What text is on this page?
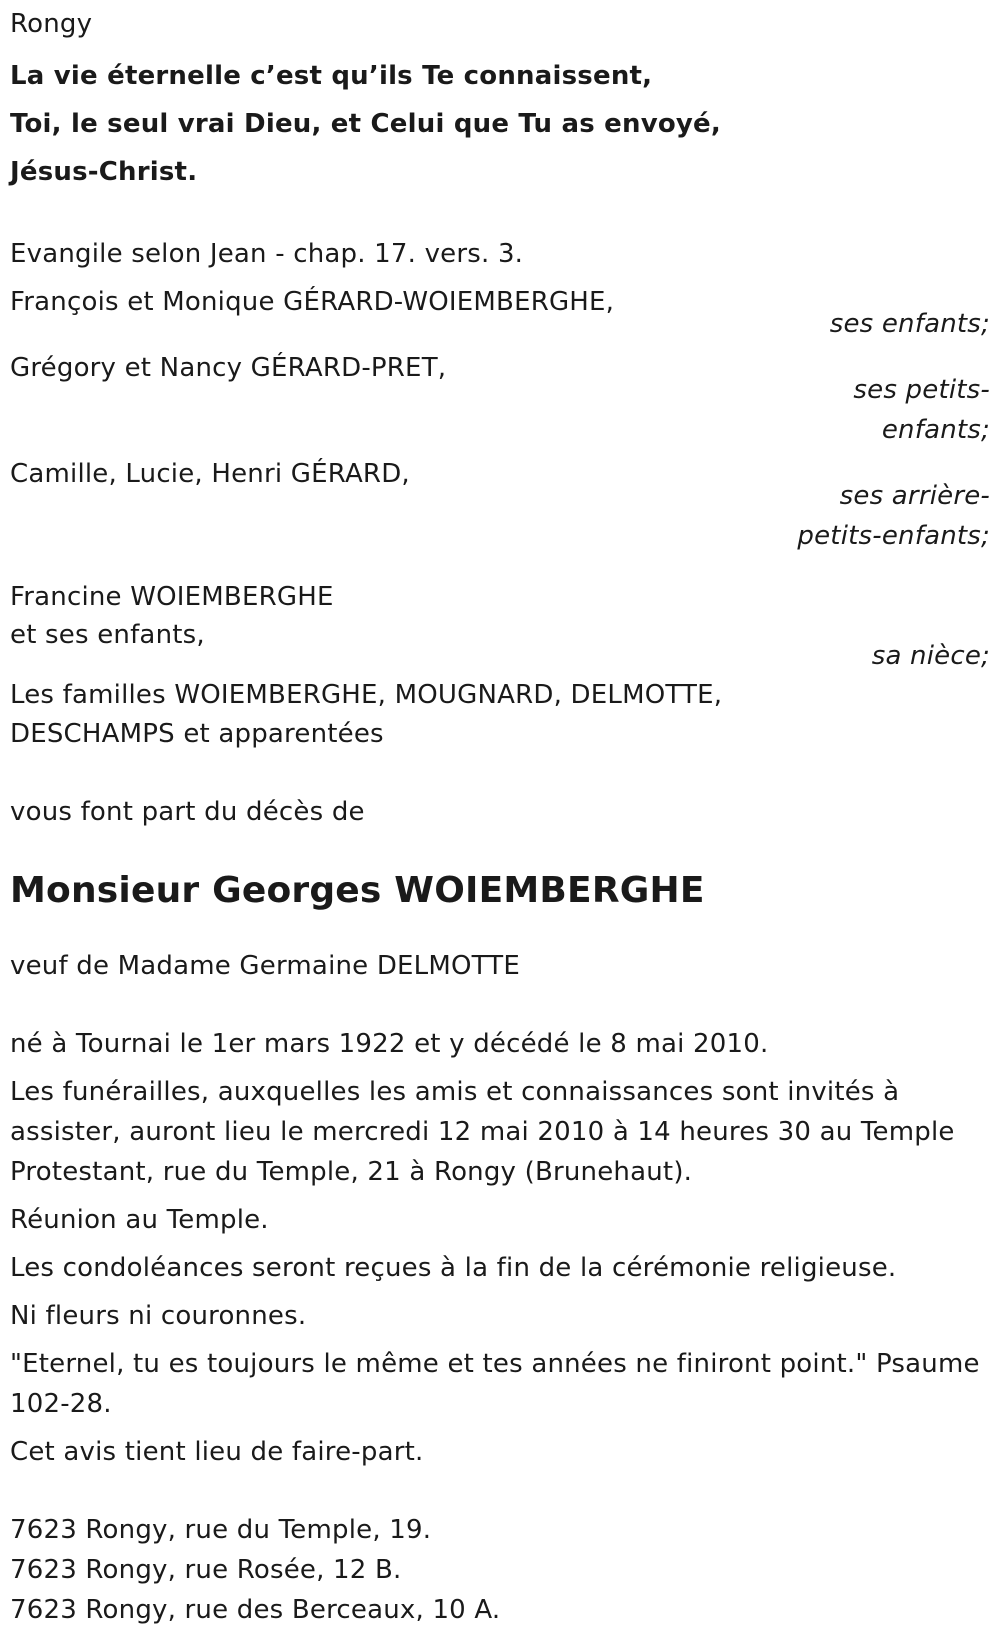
Rongy
La vie éternelle c’est qu’ils Te connaissent,
Toi, le seul vrai Dieu, et Celui que Tu as envoyé,
Jésus-Christ.
Evangile selon Jean - chap. 17. vers. 3.
François et Monique GÉRARD-WOIEMBERGHE,
ses enfants;
Grégory et Nancy GÉRARD-PRET,
ses petits-enfants;
Camille, Lucie, Henri GÉRARD,
ses arrière-petits-enfants;
Francine WOIEMBERGHE
et ses enfants,
sa nièce;
Les familles WOIEMBERGHE, MOUGNARD, DELMOTTE,
DESCHAMPS et apparentées
vous font part du décès de
Monsieur Georges WOIEMBERGHE
veuf de Madame Germaine DELMOTTE
né à Tournai le 1er mars 1922 et y décédé le 8 mai 2010.
Les funérailles, auxquelles les amis et connaissances sont invités à assister, auront lieu le mercredi 12 mai 2010 à 14 heures 30 au Temple Protestant, rue du Temple, 21 à Rongy (Brunehaut).
Réunion au Temple.
Les condoléances seront reçues à la fin de la cérémonie religieuse.
Ni fleurs ni couronnes.
"Eternel, tu es toujours le même et tes années ne finiront point." Psaume 102-28.
Cet avis tient lieu de faire-part.
7623 Rongy, rue du Temple, 19.
7623 Rongy, rue Rosée, 12 B.
7623 Rongy, rue des Berceaux, 10 A.
